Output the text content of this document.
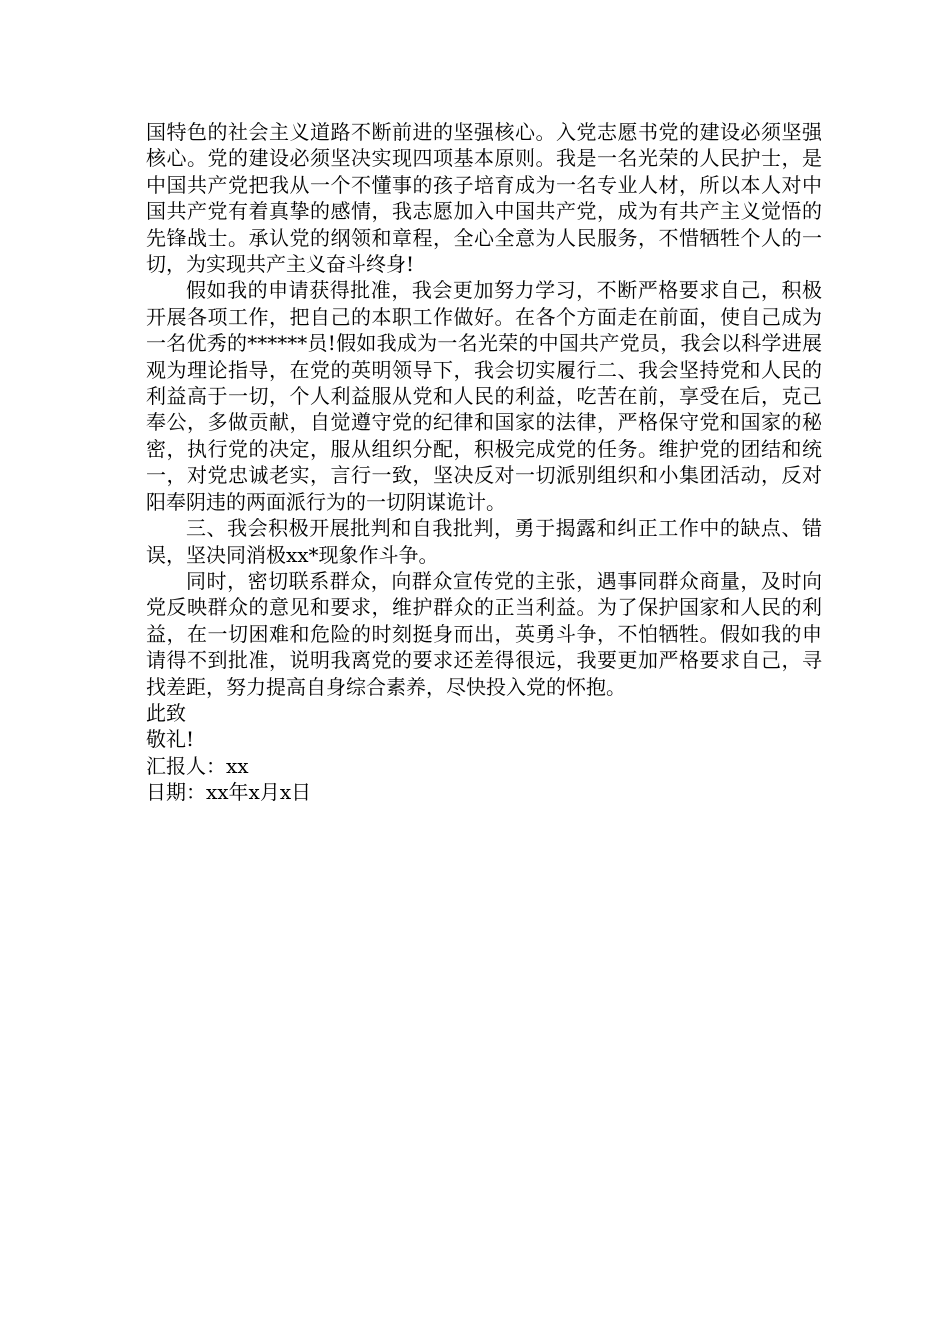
国特色的社会主义道路不断前进的坚强核心。入党志愿书党的建设必须坚强核心。党的建设必须坚决实现四项基本原则。我是一名光荣的人民护士，是中国共产党把我从一个不懂事的孩子培育成为一名专业人材，所以本人对中国共产党有着真挚的感情，我志愿加入中国共产党，成为有共产主义觉悟的先锋战士。承认党的纲领和章程，全心全意为人民服务，不惜牺牲个人的一切，为实现共产主义奋斗终身!

假如我的申请获得批准，我会更加努力学习，不断严格要求自己，积极开展各项工作，把自己的本职工作做好。在各个方面走在前面，使自己成为一名优秀的******员!假如我成为一名光荣的中国共产党员，我会以科学进展观为理论指导，在党的英明领导下，我会切实履行二、我会坚持党和人民的利益高于一切，个人利益服从党和人民的利益，吃苦在前，享受在后，克己奉公，多做贡献，自觉遵守党的纪律和国家的法律，严格保守党和国家的秘密，执行党的决定，服从组织分配，积极完成党的任务。维护党的团结和统一，对党忠诚老实，言行一致，坚决反对一切派别组织和小集团活动，反对阳奉阴违的两面派行为的一切阴谋诡计。

三、我会积极开展批判和自我批判，勇于揭露和纠正工作中的缺点、错误，坚决同消极xx*现象作斗争。

同时，密切联系群众，向群众宣传党的主张，遇事同群众商量，及时向党反映群众的意见和要求，维护群众的正当利益。为了保护国家和人民的利益，在一切困难和危险的时刻挺身而出，英勇斗争，不怕牺牲。假如我的申请得不到批准，说明我离党的要求还差得很远，我要更加严格要求自己，寻找差距，努力提高自身综合素养，尽快投入党的怀抱。

此致

敬礼!

汇报人：xx

日期：xx年x月x日
